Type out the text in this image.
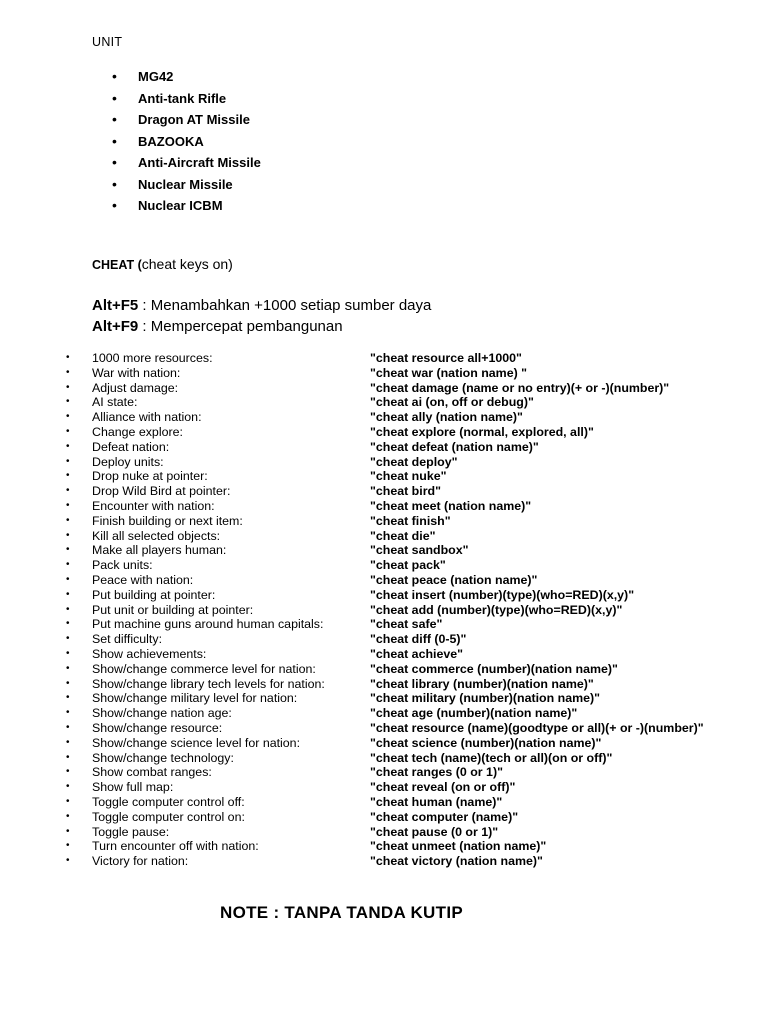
UNIT
• MG42
• Anti-tank Rifle
• Dragon AT Missile
• BAZOOKA
• Anti-Aircraft Missile
• Nuclear Missile
• Nuclear ICBM
CHEAT (cheat keys on)
Alt+F5 : Menambahkan +1000 setiap sumber daya
Alt+F9 : Mempercepat pembangunan
• 1000 more resources:	"cheat resource all+1000"
• War with nation:	"cheat war (nation name) "
• Adjust damage:	"cheat damage (name or no entry)(+ or -)(number)"
• AI state:	"cheat ai (on, off or debug)"
• Alliance with nation:	"cheat ally (nation name)"
• Change explore:	"cheat explore (normal, explored, all)"
• Defeat nation:	"cheat defeat (nation name)"
• Deploy units:	"cheat deploy"
• Drop nuke at pointer:	"cheat nuke"
• Drop Wild Bird at pointer:	"cheat bird"
• Encounter with nation:	"cheat meet (nation name)"
• Finish building or next item:	"cheat finish"
• Kill all selected objects:	"cheat die"
• Make all players human:	"cheat sandbox"
• Pack units:	"cheat pack"
• Peace with nation:	"cheat peace (nation name)"
• Put building at pointer:	"cheat insert (number)(type)(who=RED)(x,y)"
• Put unit or building at pointer:	"cheat add (number)(type)(who=RED)(x,y)"
• Put machine guns around human capitals:	"cheat safe"
• Set difficulty:	"cheat diff (0-5)"
• Show achievements:	"cheat achieve"
• Show/change commerce level for nation:	"cheat commerce (number)(nation name)"
• Show/change library tech levels for nation:	"cheat library (number)(nation name)"
• Show/change military level for nation:	"cheat military (number)(nation name)"
• Show/change nation age:	"cheat age (number)(nation name)"
• Show/change resource:	"cheat resource (name)(goodtype or all)(+ or -)(number)"
• Show/change science level for nation:	"cheat science (number)(nation name)"
• Show/change technology:	"cheat tech (name)(tech or all)(on or off)"
• Show combat ranges:	"cheat ranges (0 or 1)"
• Show full map:	"cheat reveal (on or off)"
• Toggle computer control off:	"cheat human (name)"
• Toggle computer control on:	"cheat computer (name)"
• Toggle pause:	"cheat pause (0 or 1)"
• Turn encounter off with nation:	"cheat unmeet (nation name)"
• Victory for nation:	"cheat victory (nation name)"
NOTE : TANPA TANDA KUTIP
